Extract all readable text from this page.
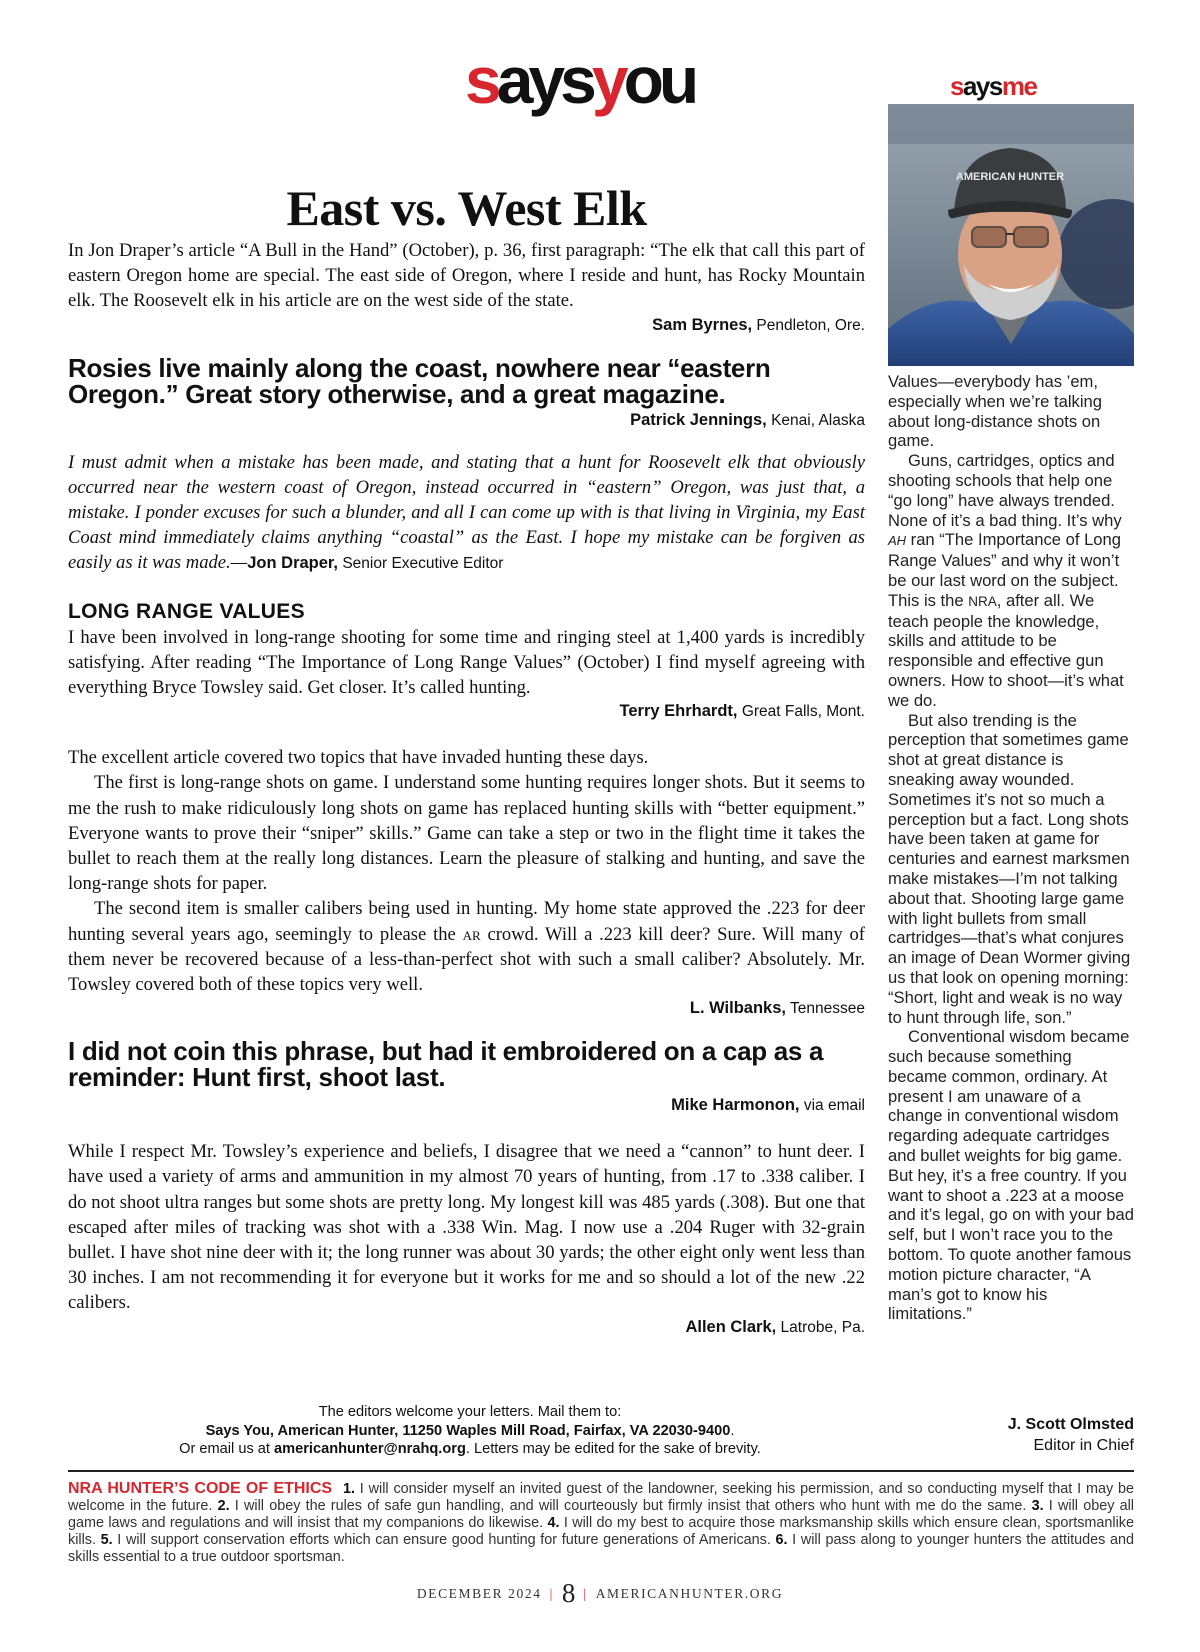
saysyou
East vs. West Elk

In Jon Draper’s article “A Bull in the Hand” (October), p. 36, first paragraph: “The elk that call this part of eastern Oregon home are special. The east side of Oregon, where I reside and hunt, has Rocky Mountain elk. The Roosevelt elk in his article are on the west side of the state.

Sam Byrnes, Pendleton, Ore.

Rosies live mainly along the coast, nowhere near “eastern Oregon.” Great story otherwise, and a great magazine.

Patrick Jennings, Kenai, Alaska

I must admit when a mistake has been made, and stating that a hunt for Roosevelt elk that obviously occurred near the western coast of Oregon, instead occurred in “eastern” Oregon, was just that, a mistake. I ponder excuses for such a blunder, and all I can come up with is that living in Virginia, my East Coast mind immediately claims anything “coastal” as the East. I hope my mistake can be forgiven as easily as it was made.—Jon Draper, Senior Executive Editor

LONG RANGE VALUES

I have been involved in long-range shooting for some time and ringing steel at 1,400 yards is incredibly satisfying. After reading “The Importance of Long Range Values” (October) I find myself agreeing with everything Bryce Towsley said. Get closer. It’s called hunting.

Terry Ehrhardt, Great Falls, Mont.

The excellent article covered two topics that have invaded hunting these days.

The first is long-range shots on game. I understand some hunting requires longer shots. But it seems to me the rush to make ridiculously long shots on game has replaced hunting skills with “better equipment.” Everyone wants to prove their “sniper” skills.” Game can take a step or two in the flight time it takes the bullet to reach them at the really long distances. Learn the pleasure of stalking and hunting, and save the long-range shots for paper.

The second item is smaller calibers being used in hunting. My home state approved the .223 for deer hunting several years ago, seemingly to please the ar crowd. Will a .223 kill deer? Sure. Will many of them never be recovered because of a less-than-perfect shot with such a small caliber? Absolutely. Mr. Towsley covered both of these topics very well.

L. Wilbanks, Tennessee

I did not coin this phrase, but had it embroidered on a cap as a reminder: Hunt first, shoot last.

Mike Harmonon, via email

While I respect Mr. Towsley’s experience and beliefs, I disagree that we need a “cannon” to hunt deer. I have used a variety of arms and ammunition in my almost 70 years of hunting, from .17 to .338 caliber. I do not shoot ultra ranges but some shots are pretty long. My longest kill was 485 yards (.308). But one that escaped after miles of tracking was shot with a .338 Win. Mag. I now use a .204 Ruger with 32-grain bullet. I have shot nine deer with it; the long runner was about 30 yards; the other eight only went less than 30 inches. I am not recommending it for everyone but it works for me and so should a lot of the new .22 calibers.

Allen Clark, Latrobe, Pa.

saysme
AMERICAN HUNTER

Values—everybody has ’em, especially when we’re talking about long-distance shots on game.

Guns, cartridges, optics and shooting schools that help one “go long” have always trended. None of it’s a bad thing. It’s why AH ran “The Importance of Long Range Values” and why it won’t be our last word on the subject. This is the NRA, after all. We teach people the knowledge, skills and attitude to be responsible and effective gun owners. How to shoot—it’s what we do.

But also trending is the perception that sometimes game shot at great distance is sneaking away wounded. Sometimes it’s not so much a perception but a fact. Long shots have been taken at game for centuries and earnest marksmen make mistakes—I’m not talking about that. Shooting large game with light bullets from small cartridges—that’s what conjures an image of Dean Wormer giving us that look on opening morning: “Short, light and weak is no way to hunt through life, son.”

Conventional wisdom became such because something became common, ordinary. At present I am unaware of a change in conventional wisdom regarding adequate cartridges and bullet weights for big game. But hey, it’s a free country. If you want to shoot a .223 at a moose and it’s legal, go on with your bad self, but I won’t race you to the bottom. To quote another famous motion picture character, “A man’s got to know his limitations.”

J. Scott Olmsted
Editor in Chief
The editors welcome your letters. Mail them to:
Says You, American Hunter, 11250 Waples Mill Road, Fairfax, VA 22030-9400.
Or email us at americanhunter@nrahq.org. Letters may be edited for the sake of brevity.
NRA HUNTER’S CODE OF ETHICS 1. I will consider myself an invited guest of the landowner, seeking his permission, and so conducting myself that I may be welcome in the future. 2. I will obey the rules of safe gun handling, and will courteously but firmly insist that others who hunt with me do the same. 3. I will obey all game laws and regulations and will insist that my companions do likewise. 4. I will do my best to acquire those marksmanship skills which ensure clean, sportsmanlike kills. 5. I will support conservation efforts which can ensure good hunting for future generations of Americans. 6. I will pass along to younger hunters the attitudes and skills essential to a true outdoor sportsman.
DECEMBER 2024 | 8 | AMERICANHUNTER.ORG
